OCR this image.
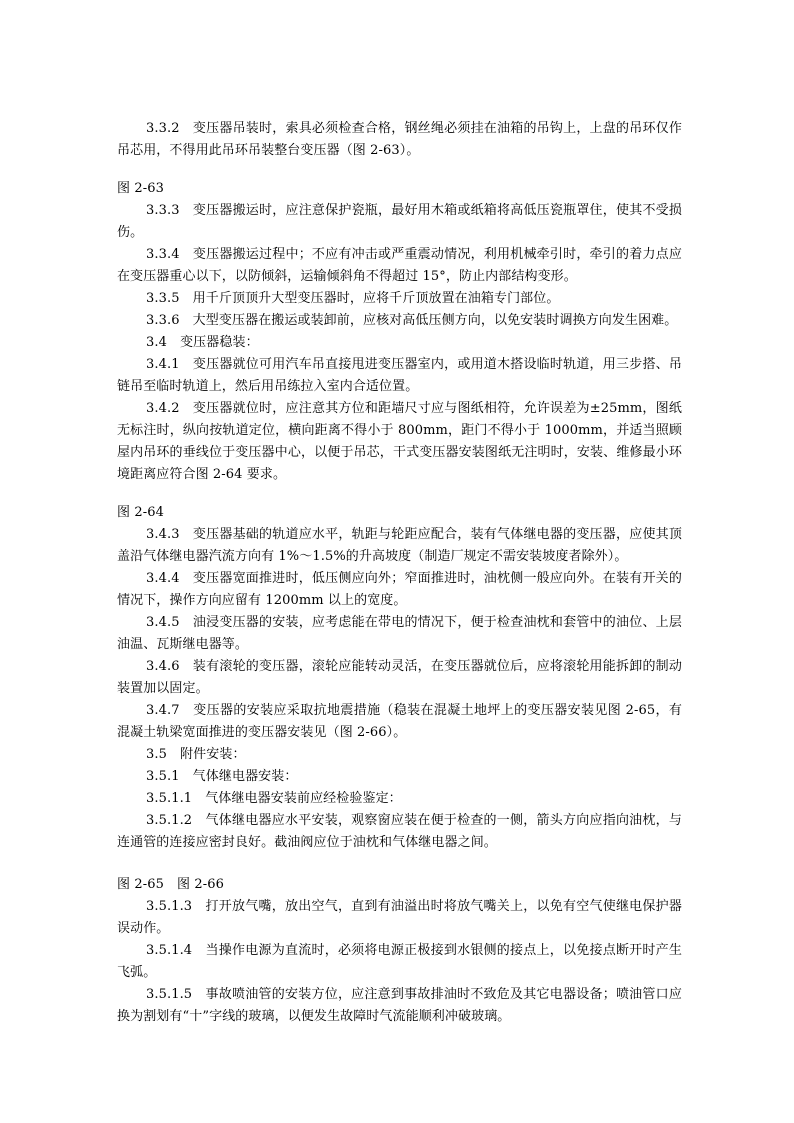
3.3.2　变压器吊装时，索具必须检查合格，钢丝绳必须挂在油箱的吊钩上，上盘的吊环仅作吊芯用，不得用此吊环吊装整台变压器（图 2-63）。

图 2-63

3.3.3　变压器搬运时，应注意保护瓷瓶，最好用木箱或纸箱将高低压瓷瓶罩住，使其不受损伤。

3.3.4　变压器搬运过程中；不应有冲击或严重震动情况，利用机械牵引时，牵引的着力点应在变压器重心以下，以防倾斜，运输倾斜角不得超过 15°，防止内部结构变形。

3.3.5　用千斤顶顶升大型变压器时，应将千斤顶放置在油箱专门部位。

3.3.6　大型变压器在搬运或装卸前，应核对高低压侧方向，以免安装时调换方向发生困难。

3.4　变压器稳装：

3.4.1　变压器就位可用汽车吊直接甩进变压器室内，或用道木搭设临时轨道，用三步搭、吊链吊至临时轨道上，然后用吊练拉入室内合适位置。

3.4.2　变压器就位时，应注意其方位和距墙尺寸应与图纸相符，允许误差为±25mm，图纸无标注时，纵向按轨道定位，横向距离不得小于 800mm，距门不得小于 1000mm，并适当照顾屋内吊环的垂线位于变压器中心，以便于吊芯，干式变压器安装图纸无注明时，安装、维修最小环境距离应符合图 2-64 要求。

图 2-64

3.4.3　变压器基础的轨道应水平，轨距与轮距应配合，装有气体继电器的变压器，应使其顶盖沿气体继电器汽流方向有 1%～1.5%的升高坡度（制造厂规定不需安装坡度者除外）。

3.4.4　变压器宽面推进时，低压侧应向外；窄面推进时，油枕侧一般应向外。在装有开关的情况下，操作方向应留有 1200mm 以上的宽度。

3.4.5　油浸变压器的安装，应考虑能在带电的情况下，便于检查油枕和套管中的油位、上层油温、瓦斯继电器等。

3.4.6　装有滚轮的变压器，滚轮应能转动灵活，在变压器就位后，应将滚轮用能拆卸的制动装置加以固定。

3.4.7　变压器的安装应采取抗地震措施（稳装在混凝土地坪上的变压器安装见图 2-65，有混凝土轨梁宽面推进的变压器安装见（图 2-66）。

3.5　附件安装：

3.5.1　气体继电器安装：

3.5.1.1　气体继电器安装前应经检验鉴定：

3.5.1.2　气体继电器应水平安装，观察窗应装在便于检查的一侧，箭头方向应指向油枕，与连通管的连接应密封良好。截油阀应位于油枕和气体继电器之间。

图 2-65　图 2-66

3.5.1.3　打开放气嘴，放出空气，直到有油溢出时将放气嘴关上，以免有空气使继电保护器误动作。

3.5.1.4　当操作电源为直流时，必须将电源正极接到水银侧的接点上，以免接点断开时产生飞弧。

3.5.1.5　事故喷油管的安装方位，应注意到事故排油时不致危及其它电器设备；喷油管口应换为割划有“十”字线的玻璃，以便发生故障时气流能顺利冲破玻璃。
